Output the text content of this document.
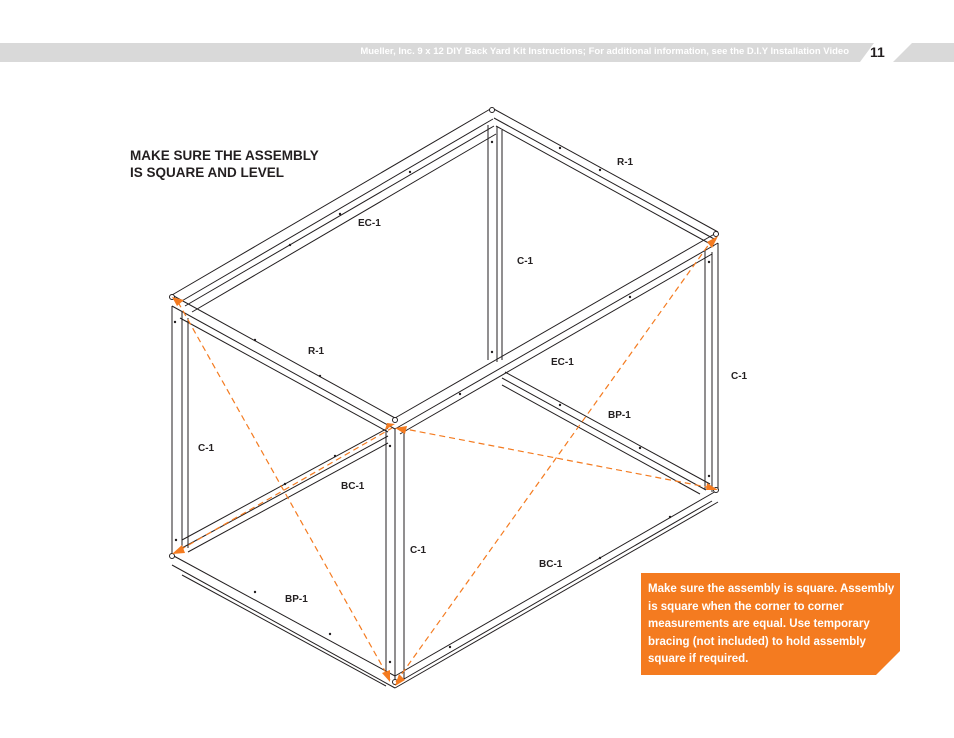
Mueller, Inc. 9 x 12 DIY Back Yard Kit Instructions; For additional information, see the D.I.Y Installation Video 11
MAKE SURE THE ASSEMBLY
IS SQUARE AND LEVEL
R-1
EC-1
C-1
R-1
EC-1
C-1
BP-1
C-1
BC-1
C-1
BC-1
BP-1
Make sure the assembly is square. Assembly is square when the corner to corner measurements are equal. Use temporary bracing (not included) to hold assembly square if required.
